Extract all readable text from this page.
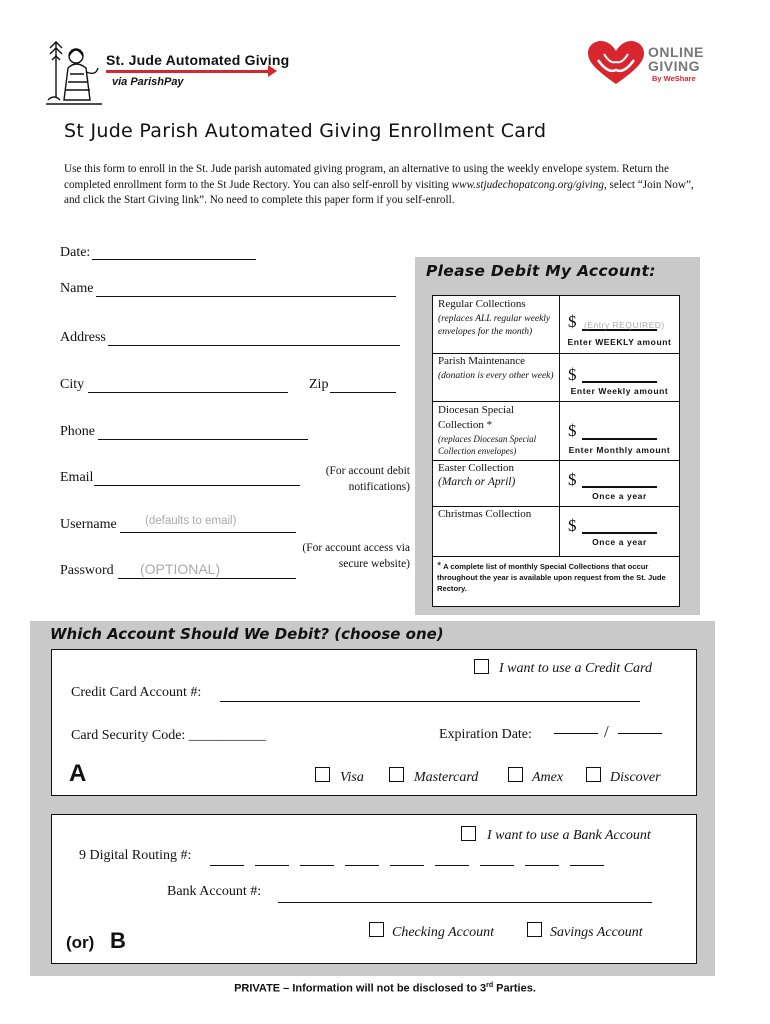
St. Jude Automated Giving
via ParishPay
ONLINE
GIVING
By WeShare
St Jude Parish Automated Giving Enrollment Card
Use this form to enroll in the St. Jude parish automated giving program, an alternative to using the weekly envelope system. Return the completed enrollment form to the St Jude Rectory. You can also self-enroll by visiting www.stjudechopatcong.org/giving, select “Join Now”, and click the Start Giving link”. No need to complete this paper form if you self-enroll.
Date:
Name
Address
City	Zip
Phone
Email	(For account debit notifications)
Username (defaults to email)
Password (OPTIONAL)
(For account access via secure website)
Please Debit My Account:
Regular Collections
(replaces ALL regular weekly envelopes for the month)
$ (Entry REQUIRED)
Enter WEEKLY amount
Parish Maintenance
(donation is every other week) $
Enter Weekly amount
Diocesan Special Collection *
(replaces Diocesan Special Collection envelopes)
$
Enter Monthly amount
Easter Collection
(March or April)	$
Once a year
Christmas Collection
$
Once a year
* A complete list of monthly Special Collections that occur throughout the year is available upon request from the St. Jude Rectory.
Which Account Should We Debit? (choose one)
I want to use a Credit Card
Credit Card Account #:
Card Security Code: ___________	Expiration Date:	/
A	Visa	Mastercard	Amex	Discover
I want to use a Bank Account
9 Digital Routing #:
Bank Account #:
(or) B	Checking Account	Savings Account
PRIVATE – Information will not be disclosed to 3rd Parties.
